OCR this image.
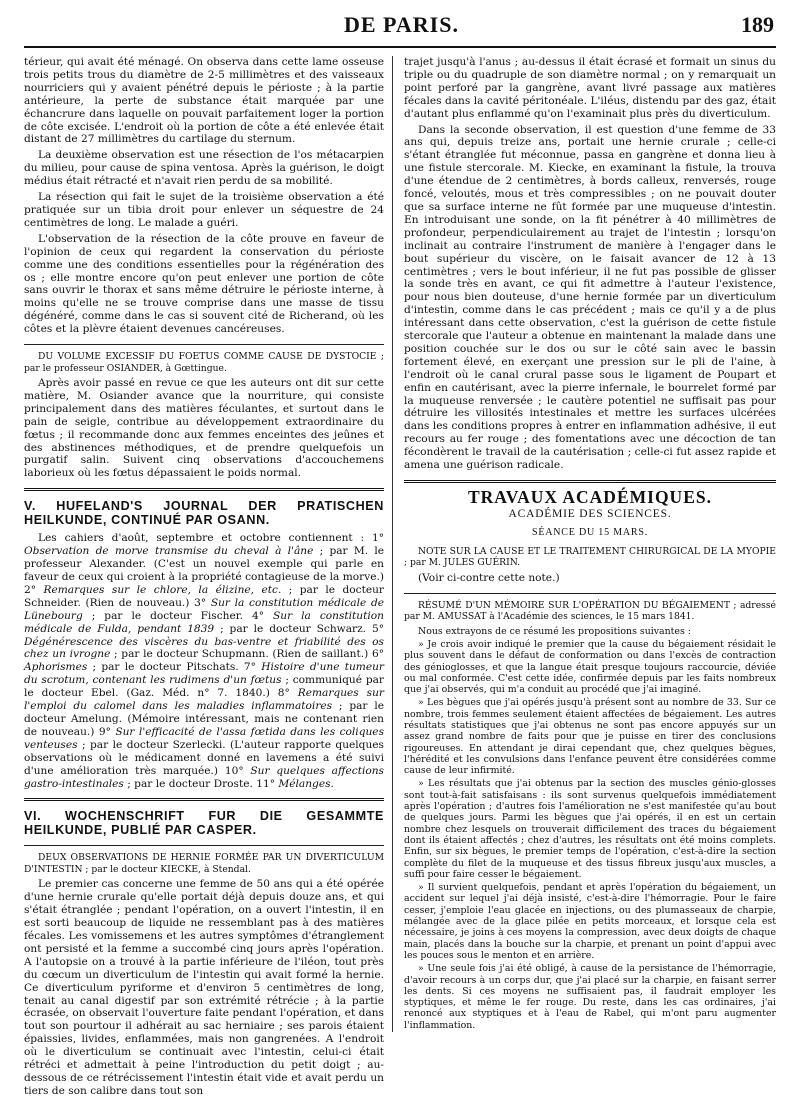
DE PARIS.	189

térieur, qui avait été ménagé. On observa dans cette lame osseuse trois petits trous du diamètre de 2-5 millimètres et des vaisseaux nourriciers qui y avaient pénétré depuis le périoste ; à la partie antérieure, la perte de substance était marquée par une échancrure dans laquelle on pouvait parfaitement loger la portion de côte excisée. L'endroit où la portion de côte a été enlevée était distant de 27 millimètres du cartilage du sternum.

La deuxième observation est une résection de l'os métacarpien du milieu, pour cause de spina ventosa. Après la guérison, le doigt médius était rétracté et n'avait rien perdu de sa mobilité.

La résection qui fait le sujet de la troisième observation a été pratiquée sur un tibia droit pour enlever un séquestre de 24 centimètres de long. Le malade a guéri.

L'observation de la résection de la côte prouve en faveur de l'opinion de ceux qui regardent la conservation du périoste comme une des conditions essentielles pour la régénération des os ; elle montre encore qu'on peut enlever une portion de côte sans ouvrir le thorax et sans même détruire le périoste interne, à moins qu'elle ne se trouve comprise dans une masse de tissu dégénéré, comme dans le cas si souvent cité de Richerand, où les côtes et la plèvre étaient devenues cancéreuses.

DU VOLUME EXCESSIF DU FOETUS COMME CAUSE DE DYSTOCIE ; par le professeur OSIANDER, à Gœttingue.

Après avoir passé en revue ce que les auteurs ont dit sur cette matière, M. Osiander avance que la nourriture, qui consiste principalement dans des matières féculantes, et surtout dans le pain de seigle, contribue au développement extraordinaire du fœtus ; il recommande donc aux femmes enceintes des jeûnes et des abstinences méthodiques, et de prendre quelquefois un purgatif salin. Suivent cinq observations d'accouchemens laborieux où les fœtus dépassaient le poids normal.

V. HUFELAND'S JOURNAL DER PRATISCHEN HEILKUNDE, CONTINUÉ PAR OSANN.

Les cahiers d'août, septembre et octobre contiennent : 1° Observation de morve transmise du cheval à l'âne ; par M. le professeur Alexander. (C'est un nouvel exemple qui parle en faveur de ceux qui croient à la propriété contagieuse de la morve.) 2° Remarques sur le chlore, la élizine, etc. ; par le docteur Schneider. (Rien de nouveau.) 3° Sur la constitution médicale de Lünebourg ; par le docteur Fischer. 4° Sur la constitution médicale de Fulda, pendant 1839 ; par le docteur Schwarz. 5° Dégénérescence des viscères du bas-ventre et friabilité des os chez un ivrogne ; par le docteur Schupmann. (Rien de saillant.) 6° Aphorismes ; par le docteur Pitschats. 7° Histoire d'une tumeur du scrotum, contenant les rudimens d'un fœtus ; communiqué par le docteur Ebel. (Gaz. Méd. n° 7. 1840.) 8° Remarques sur l'emploi du calomel dans les maladies inflammatoires ; par le docteur Amelung. (Mémoire intéressant, mais ne contenant rien de nouveau.) 9° Sur l'efficacité de l'assa fœtida dans les coliques venteuses ; par le docteur Szerlecki. (L'auteur rapporte quelques observations où le médicament donné en lavemens a été suivi d'une amélioration très marquée.) 10° Sur quelques affections gastro-intestinales ; par le docteur Droste. 11° Mélanges.

VI. WOCHENSCHRIFT FUR DIE GESAMMTE HEILKUNDE, PUBLIÉ PAR CASPER.

DEUX OBSERVATIONS DE HERNIE FORMÉE PAR UN DIVERTICULUM D'INTESTIN ; par le docteur KIECKE, à Stendal.

Le premier cas concerne une femme de 50 ans qui a été opérée d'une hernie crurale qu'elle portait déjà depuis douze ans, et qui s'était étranglée ; pendant l'opération, on a ouvert l'intestin, il en est sorti beaucoup de liquide ne ressemblant pas à des matières fécales. Les vomissemens et les autres symptômes d'étranglement ont persisté et la femme a succombé cinq jours après l'opération. A l'autopsie on a trouvé à la partie inférieure de l'iléon, tout près du cœcum un diverticulum de l'intestin qui avait formé la hernie. Ce diverticulum pyriforme et d'environ 5 centimètres de long, tenait au canal digestif par son extrémité rétrécie ; à la partie écrasée, on observait l'ouverture faite pendant l'opération, et dans tout son pourtour il adhérait au sac herniaire ; ses parois étaient épaissies, livides, enflammées, mais non gangrenées. A l'endroit où le diverticulum se continuait avec l'intestin, celui-ci était rétréci et admettait à peine l'introduction du petit doigt ; au-dessous de ce rétrécissement l'intestin était vide et avait perdu un tiers de son calibre dans tout son

trajet jusqu'à l'anus ; au-dessus il était écrasé et formait un sinus du triple ou du quadruple de son diamètre normal ; on y remarquait un point perforé par la gangrène, avant livré passage aux matières fécales dans la cavité péritonéale. L'iléus, distendu par des gaz, était d'autant plus enflammé qu'on l'examinait plus près du diverticulum.

Dans la seconde observation, il est question d'une femme de 33 ans qui, depuis treize ans, portait une hernie crurale ; celle-ci s'étant étranglée fut méconnue, passa en gangrène et donna lieu à une fistule stercorale. M. Kiecke, en examinant la fistule, la trouva d'une étendue de 2 centimètres, à bords calleux, renversés, rouge foncé, veloutés, mous et très compressibles ; on ne pouvait douter que sa surface interne ne fût formée par une muqueuse d'intestin. En introduisant une sonde, on la fit pénétrer à 40 millimètres de profondeur, perpendiculairement au trajet de l'intestin ; lorsqu'on inclinait au contraire l'instrument de manière à l'engager dans le bout supérieur du viscère, on le faisait avancer de 12 à 13 centimètres ; vers le bout inférieur, il ne fut pas possible de glisser la sonde très en avant, ce qui fit admettre à l'auteur l'existence, pour nous bien douteuse, d'une hernie formée par un diverticulum d'intestin, comme dans le cas précédent ; mais ce qu'il y a de plus intéressant dans cette observation, c'est la guérison de cette fistule stercorale que l'auteur a obtenue en maintenant la malade dans une position couchée sur le dos ou sur le côté sain avec le bassin fortement élevé, en exerçant une pression sur le pli de l'aine, à l'endroit où le canal crural passe sous le ligament de Poupart et enfin en cautérisant, avec la pierre infernale, le bourrelet formé par la muqueuse renversée ; le cautère potentiel ne suffisait pas pour détruire les villosités intestinales et mettre les surfaces ulcérées dans les conditions propres à entrer en inflammation adhésive, il eut recours au fer rouge ; des fomentations avec une décoction de tan fécondèrent le travail de la cautérisation ; celle-ci fut assez rapide et amena une guérison radicale.

TRAVAUX ACADÉMIQUES.
ACADÉMIE DES SCIENCES.
SÉANCE DU 15 MARS.

NOTE SUR LA CAUSE ET LE TRAITEMENT CHIRURGICAL DE LA MYOPIE ; par M. JULES GUÉRIN.

(Voir ci-contre cette note.)

RÉSUMÉ D'UN MÉMOIRE SUR L'OPÉRATION DU BÉGAIEMENT ; adressé par M. AMUSSAT à l'Académie des sciences, le 15 mars 1841.

Nous extrayons de ce résumé les propositions suivantes :

» Je crois avoir indiqué le premier que la cause du bégaiement résidait le plus souvent dans le défaut de conformation ou dans l'excès de contraction des génioglosses, et que la langue était presque toujours raccourcie, déviée ou mal conformée. C'est cette idée, confirmée depuis par les faits nombreux que j'ai observés, qui m'a conduit au procédé que j'ai imaginé.

» Les bègues que j'ai opérés jusqu'à présent sont au nombre de 33. Sur ce nombre, trois femmes seulement étaient affectées de bégaiement. Les autres résultats statistiques que j'ai obtenus ne sont pas encore appuyés sur un assez grand nombre de faits pour que je puisse en tirer des conclusions rigoureuses. En attendant je dirai cependant que, chez quelques bègues, l'hérédité et les convulsions dans l'enfance peuvent être considérées comme cause de leur infirmité.

» Les résultats que j'ai obtenus par la section des muscles génio-glosses sont tout-à-fait satisfaisans : ils sont survenus quelquefois immédiatement après l'opération ; d'autres fois l'amélioration ne s'est manifestée qu'au bout de quelques jours. Parmi les bègues que j'ai opérés, il en est un certain nombre chez lesquels on trouverait difficilement des traces du bégaiement dont ils étaient affectés ; chez d'autres, les résultats ont été moins complets. Enfin, sur six bègues, le premier temps de l'opération, c'est-à-dire la section complète du filet de la muqueuse et des tissus fibreux jusqu'aux muscles, a suffi pour faire cesser le bégaiement.

» Il survient quelquefois, pendant et après l'opération du bégaiement, un accident sur lequel j'ai déjà insisté, c'est-à-dire l'hémorragie. Pour le faire cesser, j'emploie l'eau glacée en injections, ou des plumasseaux de charpie, mélangée avec de la glace pilée en petits morceaux, et lorsque cela est nécessaire, je joins à ces moyens la compression, avec deux doigts de chaque main, placés dans la bouche sur la charpie, et prenant un point d'appui avec les pouces sous le menton et en arrière.

» Une seule fois j'ai été obligé, à cause de la persistance de l'hémorragie, d'avoir recours à un corps dur, que j'ai placé sur la charpie, en faisant serrer les dents. Si ces moyens ne suffisaient pas, il faudrait employer les styptiques, et même le fer rouge. Du reste, dans les cas ordinaires, j'ai renoncé aux styptiques et à l'eau de Rabel, qui m'ont paru augmenter l'inflammation.
